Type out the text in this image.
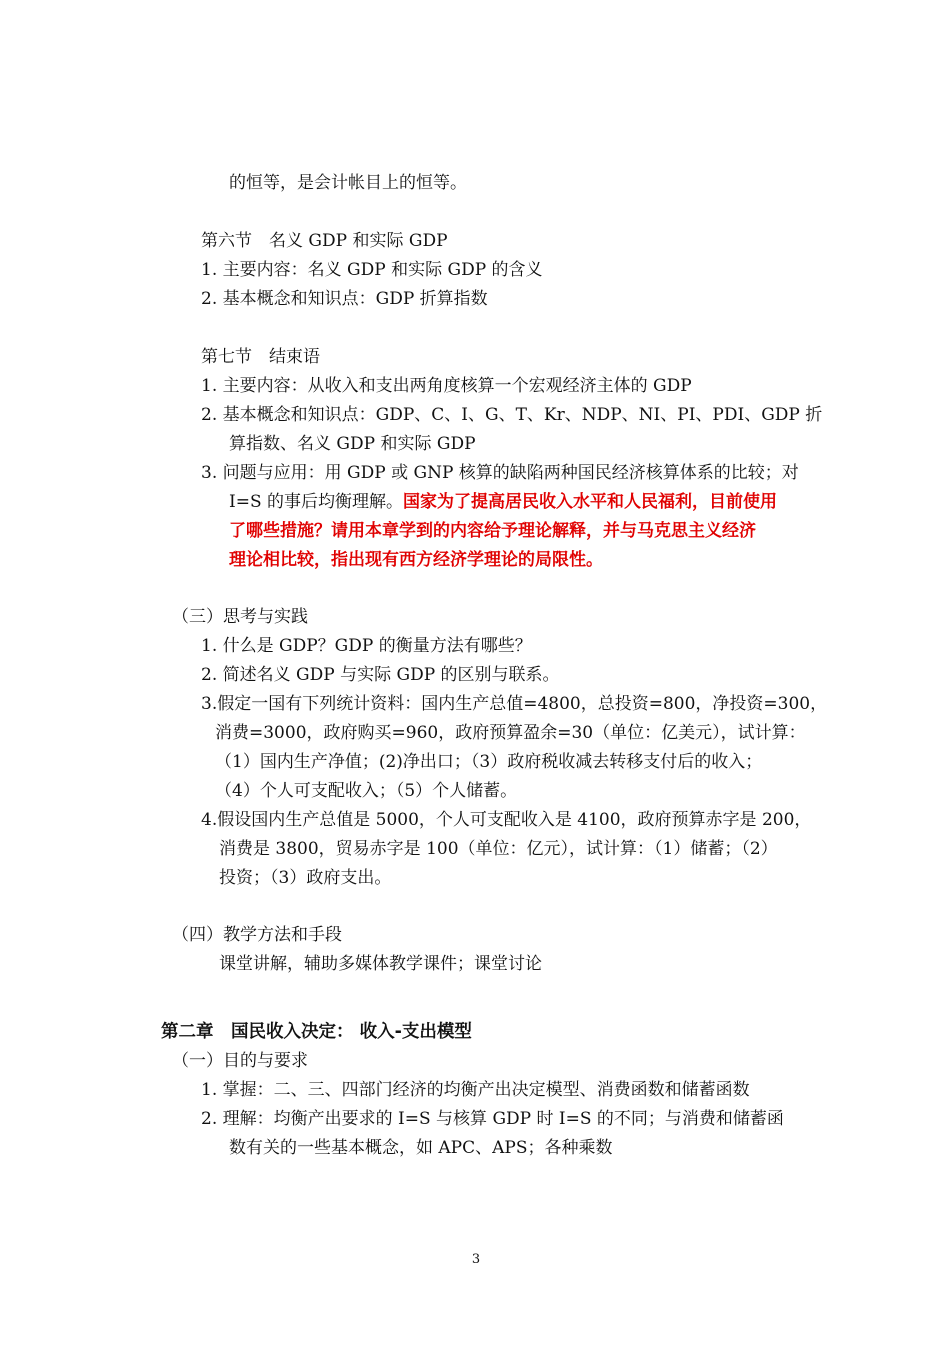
的恒等，是会计帐目上的恒等。
第六节　名义 GDP 和实际 GDP
1. 主要内容：名义 GDP 和实际 GDP 的含义
2. 基本概念和知识点：GDP 折算指数
第七节　结束语
1. 主要内容：从收入和支出两角度核算一个宏观经济主体的 GDP
2. 基本概念和知识点：GDP、C、I、G、T、Kr、NDP、NI、PI、PDI、GDP 折
算指数、名义 GDP 和实际 GDP
3. 问题与应用：用 GDP 或 GNP 核算的缺陷两种国民经济核算体系的比较；对
I=S 的事后均衡理解。国家为了提高居民收入水平和人民福利，目前使用
了哪些措施？请用本章学到的内容给予理论解释，并与马克思主义经济
理论相比较，指出现有西方经济学理论的局限性。
（三）思考与实践
1. 什么是 GDP？GDP 的衡量方法有哪些？
2. 简述名义 GDP 与实际 GDP 的区别与联系。
3.假定一国有下列统计资料：国内生产总值=4800，总投资=800，净投资=300，
消费=3000，政府购买=960，政府预算盈余=30（单位：亿美元），试计算：
（1）国内生产净值；(2)净出口；（3）政府税收减去转移支付后的收入；
（4）个人可支配收入；（5）个人储蓄。
4.假设国内生产总值是 5000，个人可支配收入是 4100，政府预算赤字是 200，
消费是 3800，贸易赤字是 100（单位：亿元），试计算：（1）储蓄；（2）
投资；（3）政府支出。
（四）教学方法和手段
课堂讲解，辅助多媒体教学课件；课堂讨论
第二章　国民收入决定： 收入-支出模型
（一）目的与要求
1. 掌握：二、三、四部门经济的均衡产出决定模型、消费函数和储蓄函数
2. 理解：均衡产出要求的 I=S 与核算 GDP 时 I=S 的不同；与消费和储蓄函
数有关的一些基本概念，如 APC、APS；各种乘数
3
